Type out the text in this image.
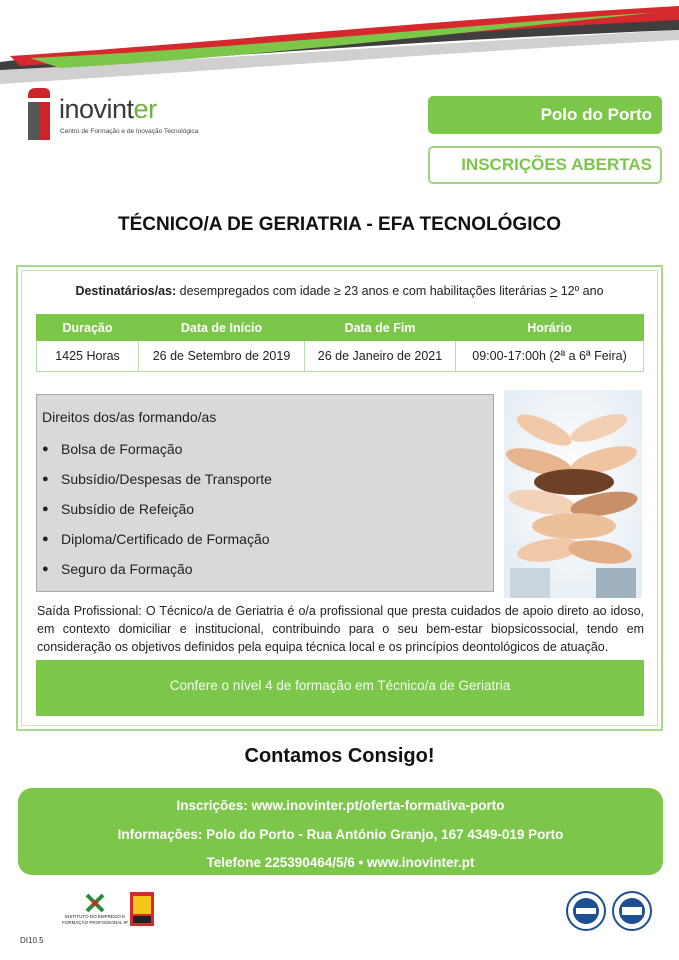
inovinter
Centro de Formação e de Inovação Tecnológica
Polo do Porto
INSCRIÇÕES ABERTAS
TÉCNICO/A DE GERIATRIA - EFA TECNOLÓGICO
Destinatários/as: desempregados com idade ≥ 23 anos e com habilitações literárias > 12º ano
Duração	Data de Início	Data de Fim	Horário
1425 Horas	26 de Setembro de 2019	26 de Janeiro de 2021	09:00-17:00h (2ª a 6ª Feira)
Direitos dos/as formando/as
● Bolsa de Formação
● Subsídio/Despesas de Transporte
● Subsídio de Refeição
● Diploma/Certificado de Formação
● Seguro da Formação
Saída Profissional: O Técnico/a de Geriatria é o/a profissional que presta cuidados de apoio direto ao idoso, em contexto domiciliar e institucional, contribuindo para o seu bem-estar biopsicossocial, tendo em consideração os objetivos definidos pela equipa técnica local e os princípios deontológicos de atuação.
Confere o nível 4 de formação em Técnico/a de Geriatria
Contamos Consigo!
Inscrições: www.inovinter.pt/oferta-formativa-porto
Informações: Polo do Porto - Rua António Granjo, 167 4349-019 Porto
Telefone 225390464/5/6 • www.inovinter.pt
INSTITUTO DO EMPREGO E FORMAÇÃO PROFISSIONAL IP
DI10.5
